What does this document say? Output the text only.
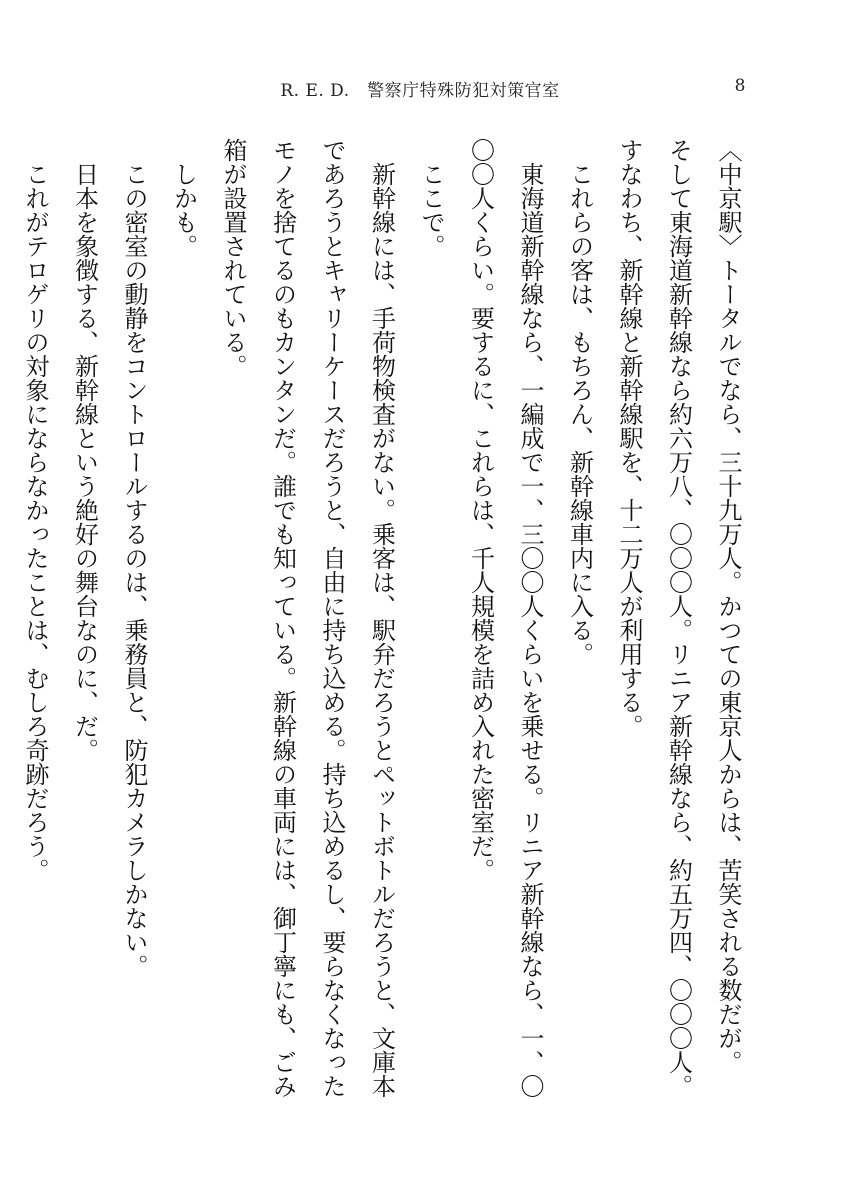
R. E. D.　警察庁特殊防犯対策官室	8
〈中京駅〉トータルでなら、三十九万人。かつての東京人からは、苦笑される数だが。
そして東海道新幹線なら約六万八、〇〇〇人。リニア新幹線なら、約五万四、〇〇〇人。
すなわち、新幹線と新幹線駅を、十二万人が利用する。
これらの客は、もちろん、新幹線車内に入る。
東海道新幹線なら、一編成で一、三〇〇人くらいを乗せる。リニア新幹線なら、一、〇
〇〇人くらい。要するに、これらは、千人規模を詰め入れた密室だ。
ここで。
新幹線には、手荷物検査がない。乗客は、駅弁だろうとペットボトルだろうと、文庫本
であろうとキャリーケースだろうと、自由に持ち込める。持ち込めるし、要らなくなった
モノを捨てるのもカンタンだ。誰でも知っている。新幹線の車両には、御丁寧にも、ごみ
箱が設置されている。
しかも。
この密室の動静をコントロールするのは、乗務員と、防犯カメラしかない。
日本を象徴する、新幹線という絶好の舞台なのに、だ。
これがテロゲリの対象にならなかったことは、むしろ奇跡だろう。
